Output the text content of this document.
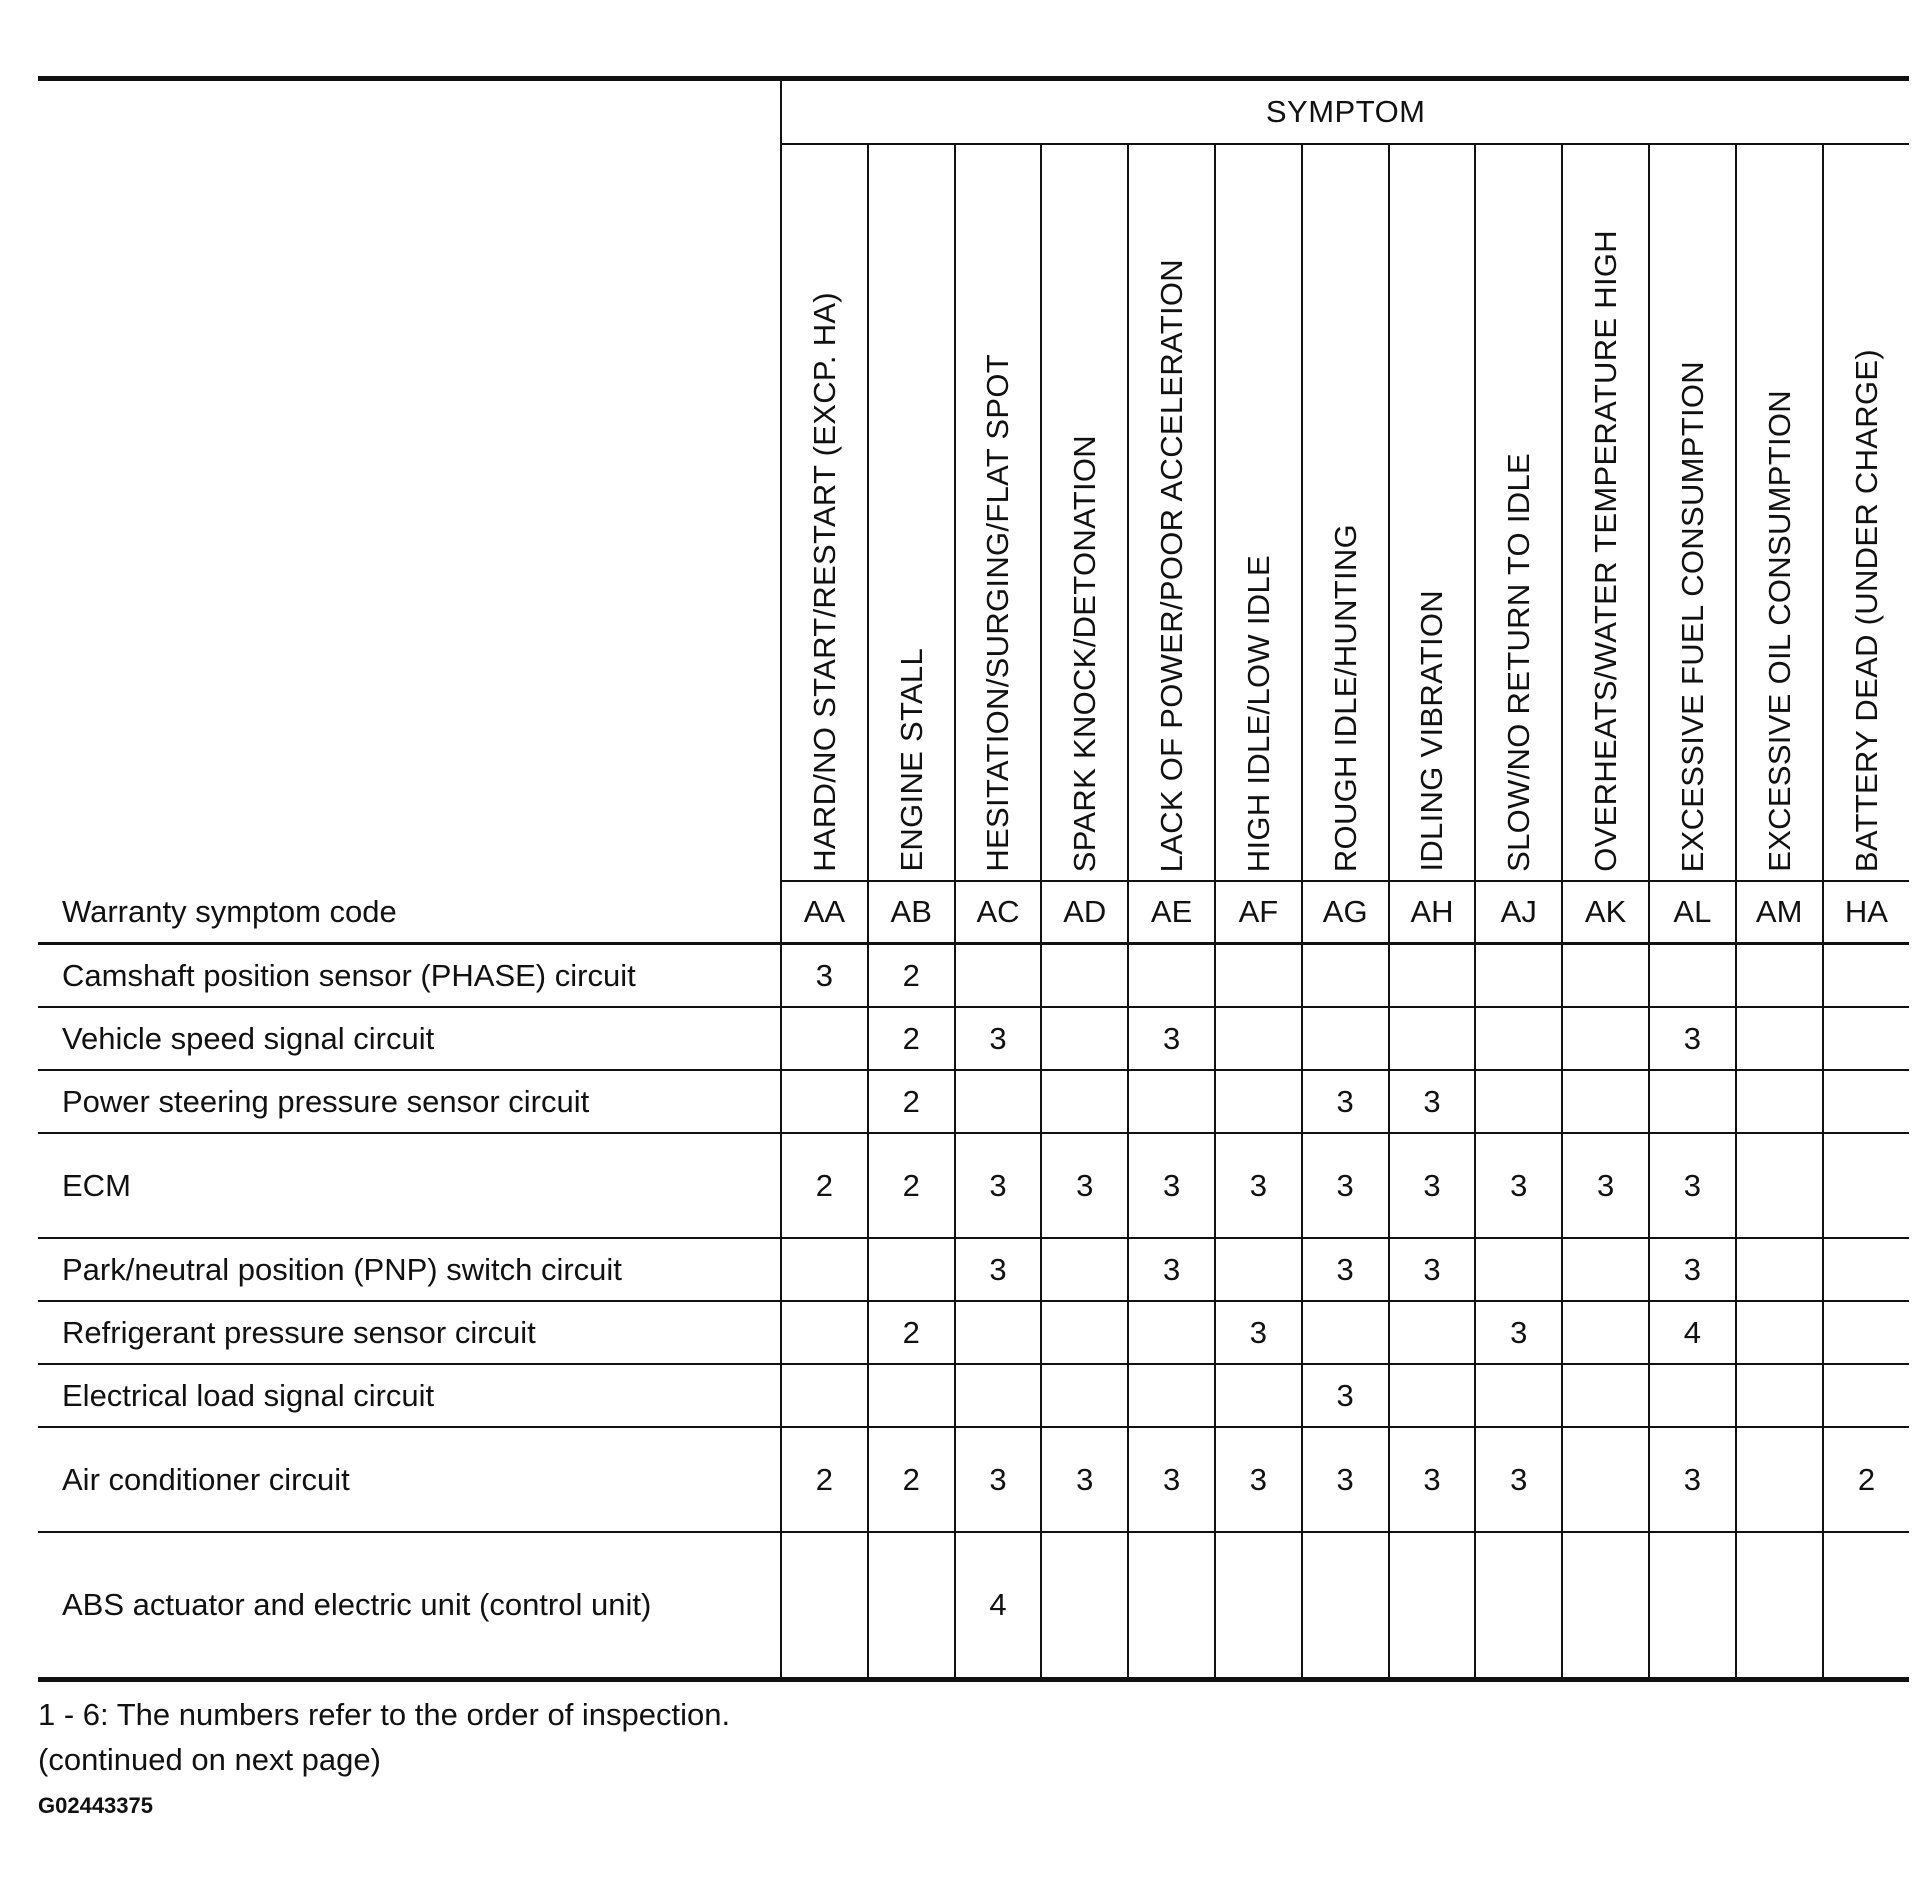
	SYMPTOM												
	HARD/NO START/RESTART (EXCP. HA)	ENGINE STALL	HESITATION/SURGING/FLAT SPOT	SPARK KNOCK/DETONATION	LACK OF POWER/POOR ACCELERATION	HIGH IDLE/LOW IDLE	ROUGH IDLE/HUNTING	IDLING VIBRATION	SLOW/NO RETURN TO IDLE	OVERHEATS/WATER TEMPERATURE HIGH	EXCESSIVE FUEL CONSUMPTION	EXCESSIVE OIL CONSUMPTION	BATTERY DEAD (UNDER CHARGE)
Warranty symptom code	AA	AB	AC	AD	AE	AF	AG	AH	AJ	AK	AL	AM	HA
Camshaft position sensor (PHASE) circuit	3	2											
Vehicle speed signal circuit		2	3		3						3		
Power steering pressure sensor circuit		2					3	3					
ECM	2	2	3	3	3	3	3	3	3	3	3		
Park/neutral position (PNP) switch circuit			3		3		3	3			3		
Refrigerant pressure sensor circuit		2				3			3		4		
Electrical load signal circuit							3						
Air conditioner circuit	2	2	3	3	3	3	3	3	3		3		2
ABS actuator and electric unit (control unit)			4										
1 - 6: The numbers refer to the order of inspection.
(continued on next page)
G02443375
